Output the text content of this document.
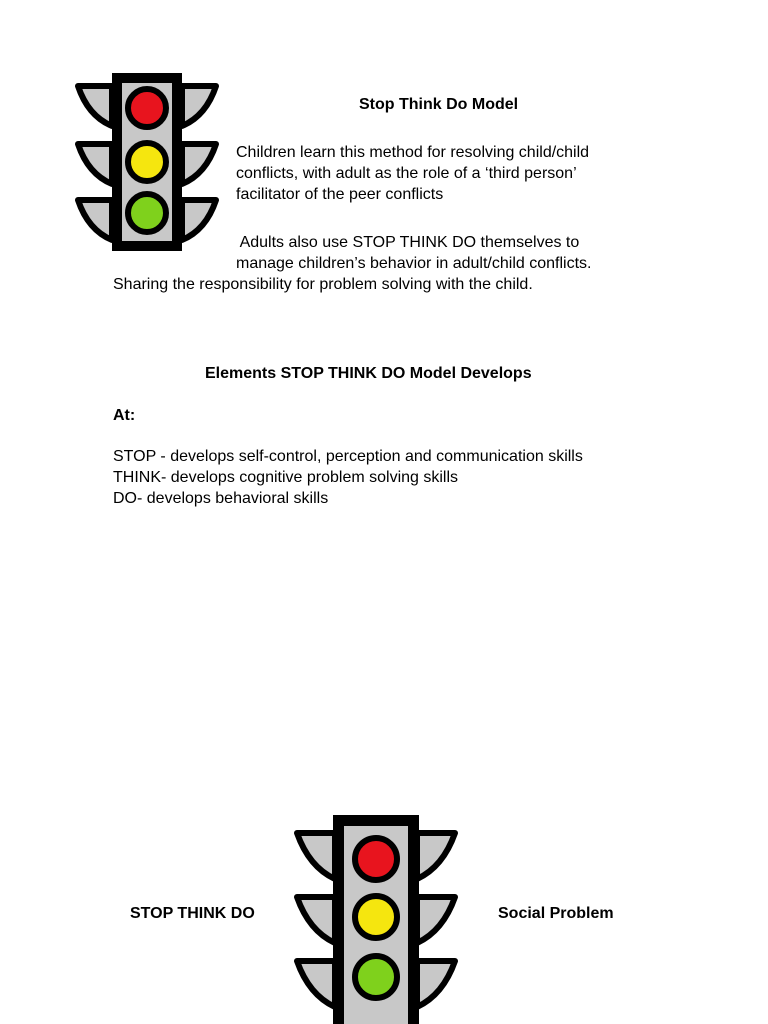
Stop Think Do Model

Children learn this method for resolving child/child

conflicts, with adult as the role of a ‘third person’

facilitator of the peer conflicts

Adults also use STOP THINK DO themselves to

manage children’s behavior in adult/child conflicts.

Sharing the responsibility for problem solving with the child.

Elements STOP THINK DO Model Develops

At:

STOP - develops self-control, perception and communication skills

THINK- develops cognitive problem solving skills

DO- develops behavioral skills

STOP THINK DO	Social Problem
